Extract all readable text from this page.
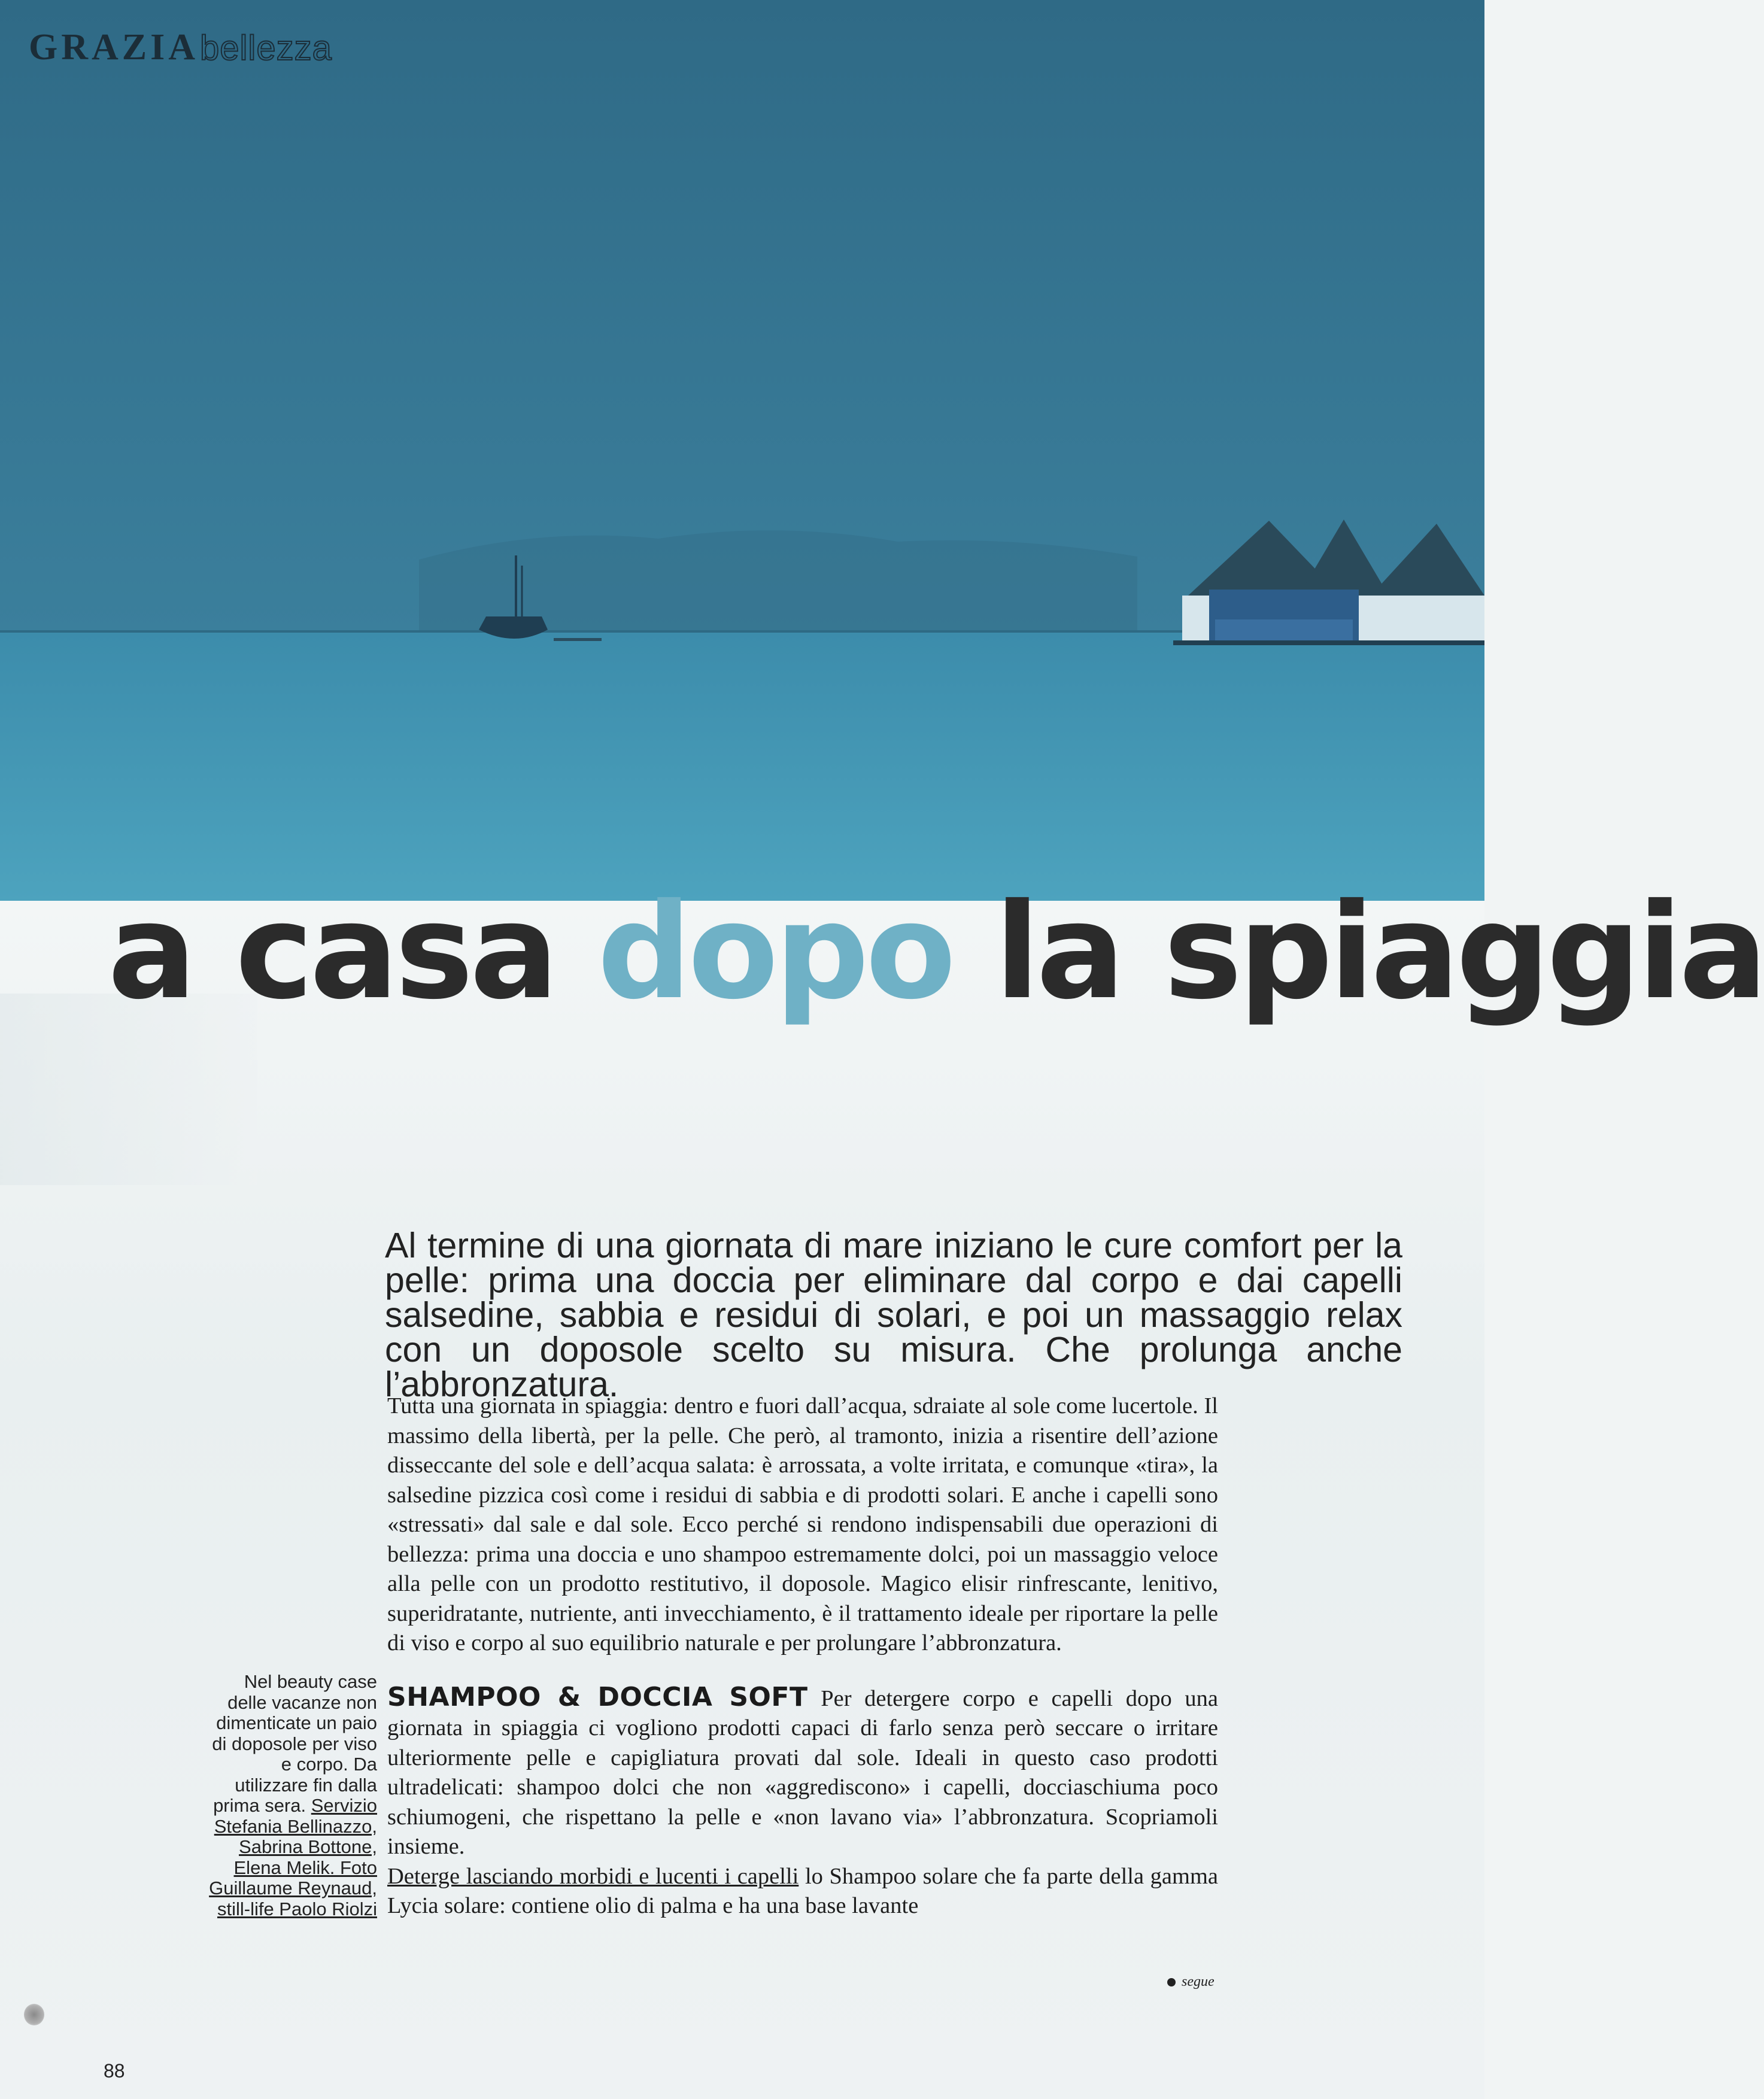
GRAZIA bellezza
a casa dopo la spiaggia

Al termine di una giornata di mare iniziano le cure comfort per la pelle: prima una doccia per eliminare dal corpo e dai capelli salsedine, sabbia e residui di solari, e poi un massaggio relax con un doposole scelto su misura. Che prolunga anche l’abbronzatura.

Tutta una giornata in spiaggia: dentro e fuori dall’acqua, sdraiate al sole come lucertole. Il massimo della libertà, per la pelle. Che però, al tramonto, inizia a risentire dell’azione disseccante del sole e dell’acqua salata: è arrossata, a volte irritata, e comunque «tira», la salsedine pizzica così come i residui di sabbia e di prodotti solari. E anche i capelli sono «stressati» dal sale e dal sole. Ecco perché si rendono indispensabili due operazioni di bellezza: prima una doccia e uno shampoo estremamente dolci, poi un massaggio veloce alla pelle con un prodotto restitutivo, il doposole. Magico elisir rinfrescante, lenitivo, superidratante, nutriente, anti invecchiamento, è il trattamento ideale per riportare la pelle di viso e corpo al suo equilibrio naturale e per prolungare l’abbronzatura.

SHAMPOO & DOCCIA SOFT Per detergere corpo e capelli dopo una giornata in spiaggia ci vogliono prodotti capaci di farlo senza però seccare o irritare ulteriormente pelle e capigliatura provati dal sole. Ideali in questo caso prodotti ultradelicati: shampoo dolci che non «aggrediscono» i capelli, docciaschiuma poco schiumogeni, che rispettano la pelle e «non lavano via» l’abbronzatura. Scopriamoli insieme.

Deterge lasciando morbidi e lucenti i capelli lo Shampoo solare che fa parte della gamma Lycia solare: contiene olio di palma e ha una base lavante

segue
Nel beauty case delle vacanze non dimenticate un paio di doposole per viso e corpo. Da utilizzare fin dalla prima sera. Servizio Stefania Bellinazzo, Sabrina Bottone, Elena Melik. Foto Guillaume Reynaud, still-life Paolo Riolzi
88
